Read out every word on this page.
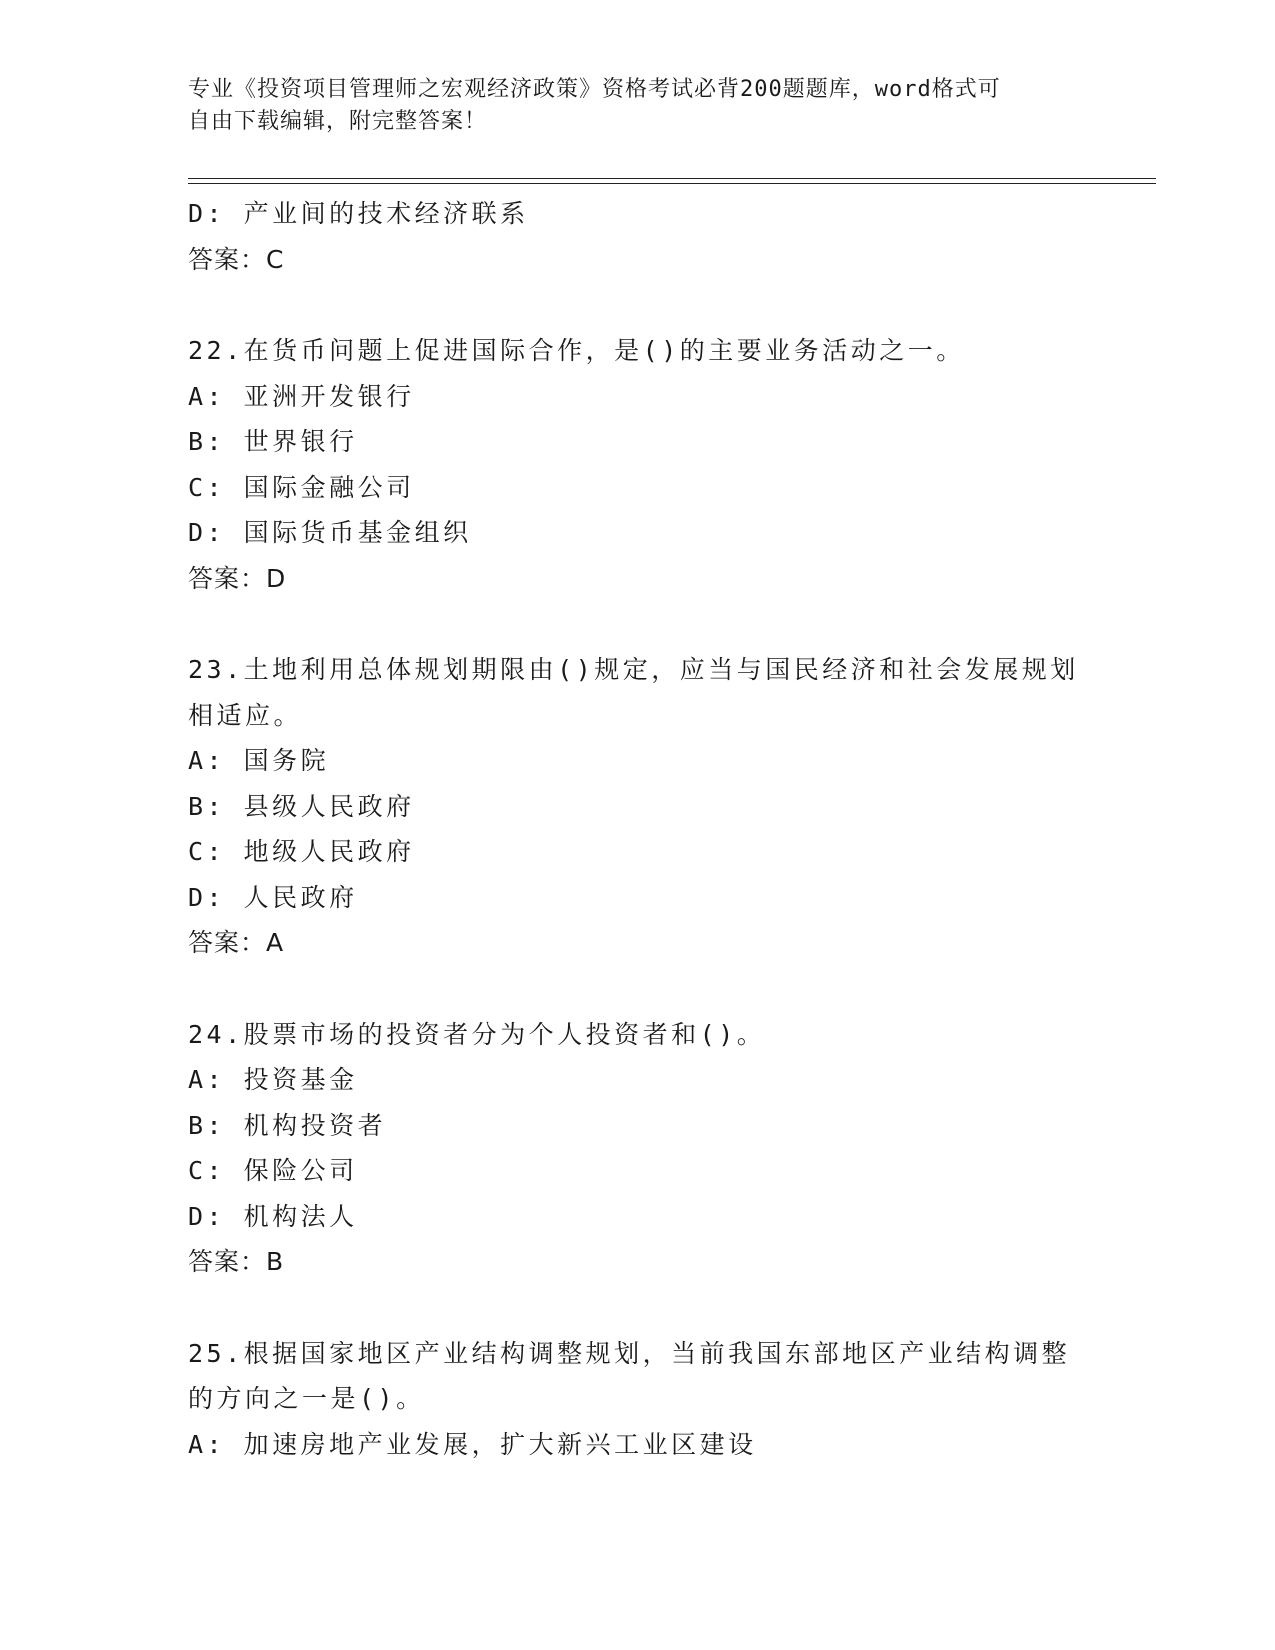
专业《投资项目管理师之宏观经济政策》资格考试必背200题题库，word格式可
自由下载编辑，附完整答案！
D: 产业间的技术经济联系
答案：C
22.在货币问题上促进国际合作，是()的主要业务活动之一。
A: 亚洲开发银行
B: 世界银行
C: 国际金融公司
D: 国际货币基金组织
答案：D
23.土地利用总体规划期限由()规定，应当与国民经济和社会发展规划
相适应。
A: 国务院
B: 县级人民政府
C: 地级人民政府
D: 人民政府
答案：A
24.股票市场的投资者分为个人投资者和()。
A: 投资基金
B: 机构投资者
C: 保险公司
D: 机构法人
答案：B
25.根据国家地区产业结构调整规划，当前我国东部地区产业结构调整
的方向之一是()。
A: 加速房地产业发展，扩大新兴工业区建设
